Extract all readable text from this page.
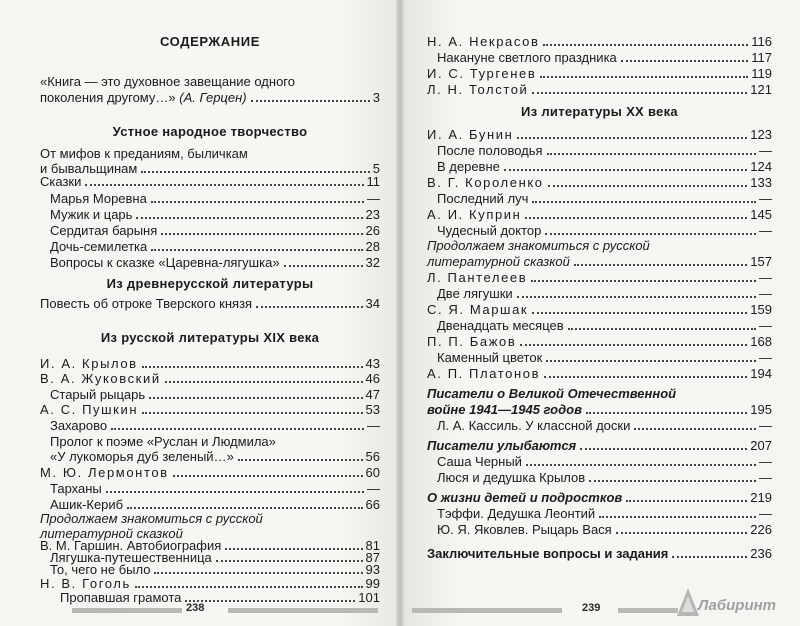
СОДЕРЖАНИЕ
«Книга — это духовное завещание одного
поколения другому…» (А. Герцен)	3
Устное народное творчество
От мифов к преданиям, быличкам
и бывальщинам	5
Сказки	11
Марья Моревна	—
Мужик и царь	23
Сердитая барыня	26
Дочь-семилетка	28
Вопросы к сказке «Царевна-лягушка»	32
Из древнерусской литературы
Повесть об отроке Тверского князя	34
Из русской литературы XIX века
И. А. Крылов	43
В. А. Жуковский	46
Старый рыцарь	47
А. С. Пушкин	53
Захарово	—
Пролог к поэме «Руслан и Людмила»
«У лукоморья дуб зеленый…»	56
М. Ю. Лермонтов	60
Тарханы	—
Ашик-Кериб	66
Продолжаем знакомиться с русской
литературной сказкой
В. М. Гаршин. Автобиография	81
Лягушка-путешественница	87
То, чего не было	93
Н. В. Гоголь	99
Пропавшая грамота	101
238
Н. А. Некрасов	116
Накануне светлого праздника	117
И. С. Тургенев	119
Л. Н. Толстой	121
Из литературы XX века
И. А. Бунин	123
После половодья	—
В деревне	124
В. Г. Короленко	133
Последний луч	—
А. И. Куприн	145
Чудесный доктор	—
Продолжаем знакомиться с русской
литературной сказкой	157
Л. Пантелеев	—
Две лягушки	—
С. Я. Маршак	159
Двенадцать месяцев	—
П. П. Бажов	168
Каменный цветок	—
А. П. Платонов	194
Писатели о Великой Отечественной
войне 1941—1945 годов	195
Л. А. Кассиль. У классной доски	—
Писатели улыбаются	207
Саша Черный	—
Люся и дедушка Крылов	—
О жизни детей и подростков	219
Тэффи. Дедушка Леонтий	—
Ю. Я. Яковлев. Рыцарь Вася	226
Заключительные вопросы и задания	236
239	Лабиринт
